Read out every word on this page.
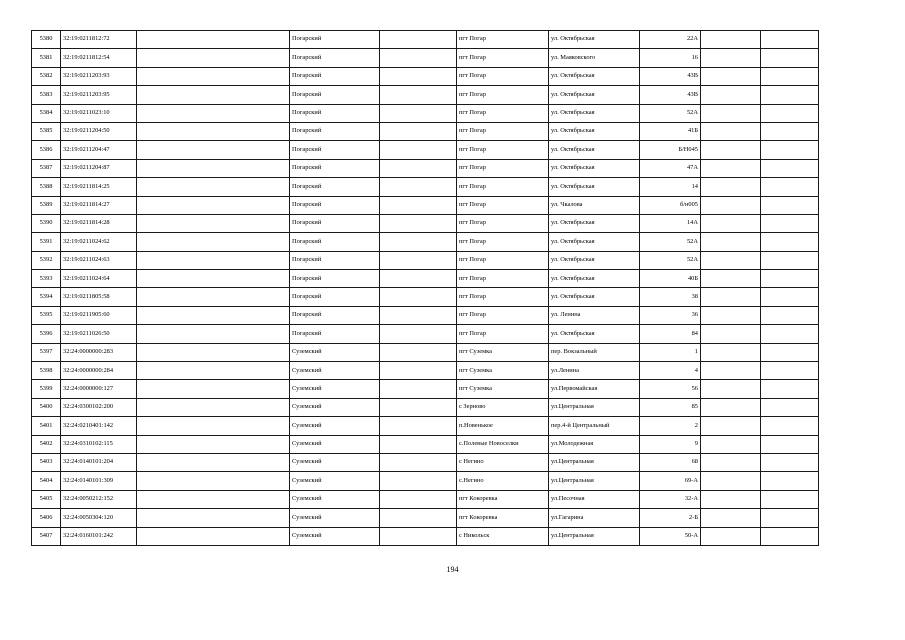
5380	32:19:0211812:72		Погарский		пгт Погар	ул. Октябрьская	22А		
5381	32:19:0211812:54		Погарский		пгт Погар	ул. Маяковского	16		
5382	32:19:0211203:93		Погарский		пгт Погар	ул. Октябрьская	43В		
5383	32:19:0211203:95		Погарский		пгт Погар	ул. Октябрьская	43В		
5384	32:19:0211023:10		Погарский		пгт Погар	ул. Октябрьская	52А		
5385	32:19:0211204:50		Погарский		пгт Погар	ул. Октябрьская	41Б		
5386	32:19:0211204:47		Погарский		пгт Погар	ул. Октябрьская	Б/Н045		
5387	32:19:0211204:87		Погарский		пгт Погар	ул. Октябрьская	47А		
5388	32:19:0211814:25		Погарский		пгт Погар	ул. Октябрьская	14		
5389	32:19:0211814:27		Погарский		пгт Погар	ул. Чкалова	б/н005		
5390	32:19:0211814:28		Погарский		пгт Погар	ул. Октябрьская	14А		
5391	32:19:0211024:62		Погарский		пгт Погар	ул. Октябрьская	52А		
5392	32:19:0211024:63		Погарский		пгт Погар	ул. Октябрьская	52А		
5393	32:19:0211024:64		Погарский		пгт Погар	ул. Октябрьская	40Б		
5394	32:19:0211805:58		Погарский		пгт Погар	ул. Октябрьская	38		
5395	32:19:0211905:60		Погарский		пгт Погар	ул. Ленина	36		
5396	32:19:0211026:50		Погарский		пгт Погар	ул. Октябрьская	84		
5397	32:24:0000000:283		Суземский		пгт Суземка	пер. Вокзальный	1		
5398	32:24:0000000:284		Суземский		пгт Суземка	ул.Ленина	4		
5399	32:24:0000000:127		Суземский		пгт Суземка	ул.Первомайская	56		
5400	32:24:0300102:200		Суземский		с Зерново	ул.Центральная	85		
5401	32:24:0210401:142		Суземский		п.Новенькое	пер.4-й Центральный	2		
5402	32:24:0310102:115		Суземский		с.Полевые Новоселки	ул.Молодежная	9		
5403	32:24:0140101:204		Суземский		с Негино	ул.Центральная	68		
5404	32:24:0140101:309		Суземский		с.Негино	ул.Центральная	69-А		
5405	32:24:0050212:152		Суземский		пгт Кокоревка	ул.Песочная	32-А		
5406	32:24:0050304:120		Суземский		пгт Кокоревка	ул.Гагарина	2-Б		
5407	32:24:0160101:242		Суземский		с Никольск	ул.Центральная	50-А		
194
